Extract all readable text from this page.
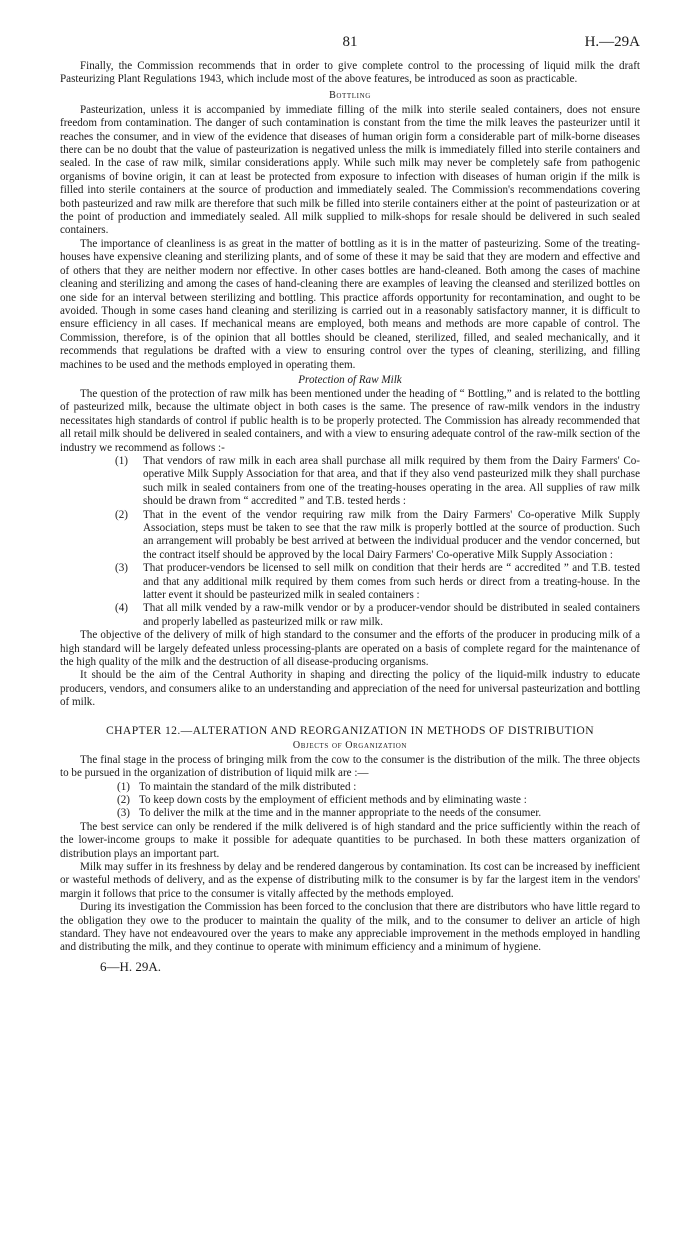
81	H.—29A

Finally, the Commission recommends that in order to give complete control to the processing of liquid milk the draft Pasteurizing Plant Regulations 1943, which include most of the above features, be introduced as soon as practicable.

Bottling

Pasteurization, unless it is accompanied by immediate filling of the milk into sterile sealed containers, does not ensure freedom from contamination. The danger of such contamination is constant from the time the milk leaves the pasteurizer until it reaches the consumer, and in view of the evidence that diseases of human origin form a considerable part of milk-borne diseases there can be no doubt that the value of pasteurization is negatived unless the milk is immediately filled into sterile containers and sealed. In the case of raw milk, similar considerations apply. While such milk may never be completely safe from pathogenic organisms of bovine origin, it can at least be protected from exposure to infection with diseases of human origin if the milk is filled into sterile containers at the source of production and immediately sealed. The Commission's recommendations covering both pasteurized and raw milk are therefore that such milk be filled into sterile containers either at the point of pasteurization or at the point of production and immediately sealed. All milk supplied to milk-shops for resale should be delivered in such sealed containers.

The importance of cleanliness is as great in the matter of bottling as it is in the matter of pasteurizing. Some of the treating-houses have expensive cleaning and sterilizing plants, and of some of these it may be said that they are modern and effective and of others that they are neither modern nor effective. In other cases bottles are hand-cleaned. Both among the cases of machine cleaning and sterilizing and among the cases of hand-cleaning there are examples of leaving the cleansed and sterilized bottles on one side for an interval between sterilizing and bottling. This practice affords opportunity for recontamination, and ought to be avoided. Though in some cases hand cleaning and sterilizing is carried out in a reasonably satisfactory manner, it is difficult to ensure efficiency in all cases. If mechanical means are employed, both means and methods are more capable of control. The Commission, therefore, is of the opinion that all bottles should be cleaned, sterilized, filled, and sealed mechanically, and it recommends that regulations be drafted with a view to ensuring control over the types of cleaning, sterilizing, and filling machines to be used and the methods employed in operating them.

Protection of Raw Milk

The question of the protection of raw milk has been mentioned under the heading of “ Bottling,” and is related to the bottling of pasteurized milk, because the ultimate object in both cases is the same. The presence of raw-milk vendors in the industry necessitates high standards of control if public health is to be properly protected. The Commission has already recommended that all retail milk should be delivered in sealed containers, and with a view to ensuring adequate control of the raw-milk section of the industry we recommend as follows :-

(1)	That vendors of raw milk in each area shall purchase all milk required by them from the Dairy Farmers' Co-operative Milk Supply Association for that area, and that if they also vend pasteurized milk they shall purchase such milk in sealed containers from one of the treating-houses operating in the area. All supplies of raw milk should be drawn from “ accredited ” and T.B. tested herds :
(2)	That in the event of the vendor requiring raw milk from the Dairy Farmers' Co-operative Milk Supply Association, steps must be taken to see that the raw milk is properly bottled at the source of production. Such an arrangement will probably be best arrived at between the individual producer and the vendor concerned, but the contract itself should be approved by the local Dairy Farmers' Co-operative Milk Supply Association :
(3)	That producer-vendors be licensed to sell milk on condition that their herds are “ accredited ” and T.B. tested and that any additional milk required by them comes from such herds or direct from a treating-house. In the latter event it should be pasteurized milk in sealed containers :
(4)	That all milk vended by a raw-milk vendor or by a producer-vendor should be distributed in sealed containers and properly labelled as pasteurized milk or raw milk.

The objective of the delivery of milk of high standard to the consumer and the efforts of the producer in producing milk of a high standard will be largely defeated unless processing-plants are operated on a basis of complete regard for the maintenance of the high quality of the milk and the destruction of all disease-producing organisms.

It should be the aim of the Central Authority in shaping and directing the policy of the liquid-milk industry to educate producers, vendors, and consumers alike to an understanding and appreciation of the need for universal pasteurization and bottling of milk.

CHAPTER 12.—ALTERATION AND REORGANIZATION IN METHODS OF DISTRIBUTION
Objects of Organization

The final stage in the process of bringing milk from the cow to the consumer is the distribution of the milk. The three objects to be pursued in the organization of distribution of liquid milk are :—

(1) To maintain the standard of the milk distributed :
(2) To keep down costs by the employment of efficient methods and by eliminating waste :
(3) To deliver the milk at the time and in the manner appropriate to the needs of the consumer.

The best service can only be rendered if the milk delivered is of high standard and the price sufficiently within the reach of the lower-income groups to make it possible for adequate quantities to be purchased. In both these matters organization of distribution plays an important part.

Milk may suffer in its freshness by delay and be rendered dangerous by contamination. Its cost can be increased by inefficient or wasteful methods of delivery, and as the expense of distributing milk to the consumer is by far the largest item in the vendors' margin it follows that price to the consumer is vitally affected by the methods employed.

During its investigation the Commission has been forced to the conclusion that there are distributors who have little regard to the obligation they owe to the producer to maintain the quality of the milk, and to the consumer to deliver an article of high standard. They have not endeavoured over the years to make any appreciable improvement in the methods employed in handling and distributing the milk, and they continue to operate with minimum efficiency and a minimum of hygiene.

6—H. 29A.
